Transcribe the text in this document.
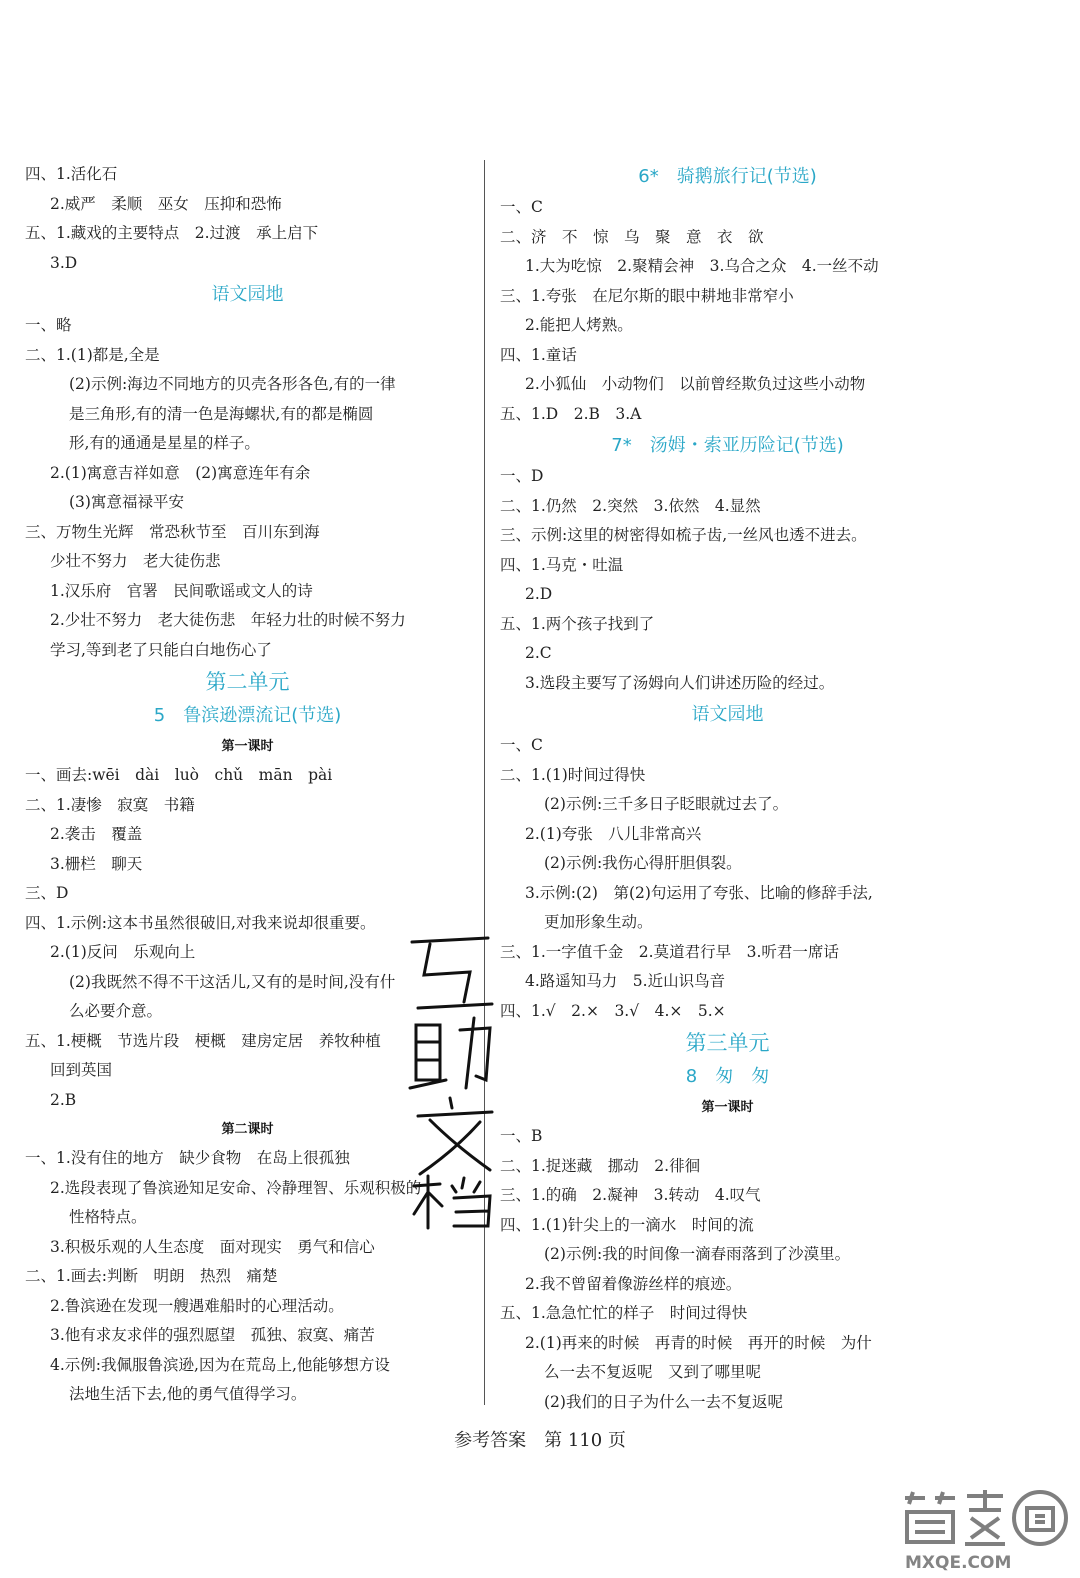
四、1.活化石
2.威严　柔顺　巫女　压抑和恐怖
五、1.藏戏的主要特点　2.过渡　承上启下
3.D
语文园地
一、略
二、1.(1)都是,全是
(2)示例:海边不同地方的贝壳各形各色,有的一律
是三角形,有的清一色是海螺状,有的都是椭圆
形,有的通通是星星的样子。
2.(1)寓意吉祥如意　(2)寓意连年有余
(3)寓意福禄平安
三、万物生光辉　常恐秋节至　百川东到海
少壮不努力　老大徒伤悲
1.汉乐府　官署　民间歌谣或文人的诗
2.少壮不努力　老大徒伤悲　年轻力壮的时候不努力
学习,等到老了只能白白地伤心了
第二单元
5　鲁滨逊漂流记(节选)
第一课时
一、画去:wēi　dài　luò　chǔ　mān　pài
二、1.凄惨　寂寞　书籍
2.袭击　覆盖
3.栅栏　聊天
三、D
四、1.示例:这本书虽然很破旧,对我来说却很重要。
2.(1)反问　乐观向上
(2)我既然不得不干这活儿,又有的是时间,没有什
么必要介意。
五、1.梗概　节选片段　梗概　建房定居　养牧种植
回到英国
2.B
第二课时
一、1.没有住的地方　缺少食物　在岛上很孤独
2.选段表现了鲁滨逊知足安命、冷静理智、乐观积极的
性格特点。
3.积极乐观的人生态度　面对现实　勇气和信心
二、1.画去:判断　明朗　热烈　痛楚
2.鲁滨逊在发现一艘遇难船时的心理活动。
3.他有求友求伴的强烈愿望　孤独、寂寞、痛苦
4.示例:我佩服鲁滨逊,因为在荒岛上,他能够想方设
法地生活下去,他的勇气值得学习。
6*　骑鹅旅行记(节选)
一、C
二、济　不　惊　乌　聚　意　衣　欲
1.大为吃惊　2.聚精会神　3.乌合之众　4.一丝不动
三、1.夸张　在尼尔斯的眼中耕地非常窄小
2.能把人烤熟。
四、1.童话
2.小狐仙　小动物们　以前曾经欺负过这些小动物
五、1.D　2.B　3.A
7*　汤姆・索亚历险记(节选)
一、D
二、1.仍然　2.突然　3.依然　4.显然
三、示例:这里的树密得如梳子齿,一丝风也透不进去。
四、1.马克・吐温
2.D
五、1.两个孩子找到了
2.C
3.选段主要写了汤姆向人们讲述历险的经过。
语文园地
一、C
二、1.(1)时间过得快
(2)示例:三千多日子眨眼就过去了。
2.(1)夸张　八儿非常高兴
(2)示例:我伤心得肝胆俱裂。
3.示例:(2)　第(2)句运用了夸张、比喻的修辞手法,
更加形象生动。
三、1.一字值千金　2.莫道君行早　3.听君一席话
4.路遥知马力　5.近山识鸟音
四、1.√　2.×　3.√　4.×　5.×
第三单元
8　匆　匆
第一课时
一、B
二、1.捉迷藏　挪动　2.徘徊
三、1.的确　2.凝神　3.转动　4.叹气
四、1.(1)针尖上的一滴水　时间的流
(2)示例:我的时间像一滴春雨落到了沙漠里。
2.我不曾留着像游丝样的痕迹。
五、1.急急忙忙的样子　时间过得快
2.(1)再来的时候　再青的时候　再开的时候　为什
么一去不复返呢　又到了哪里呢
(2)我们的日子为什么一去不复返呢
参考答案　第 110 页
MXQE.COM
